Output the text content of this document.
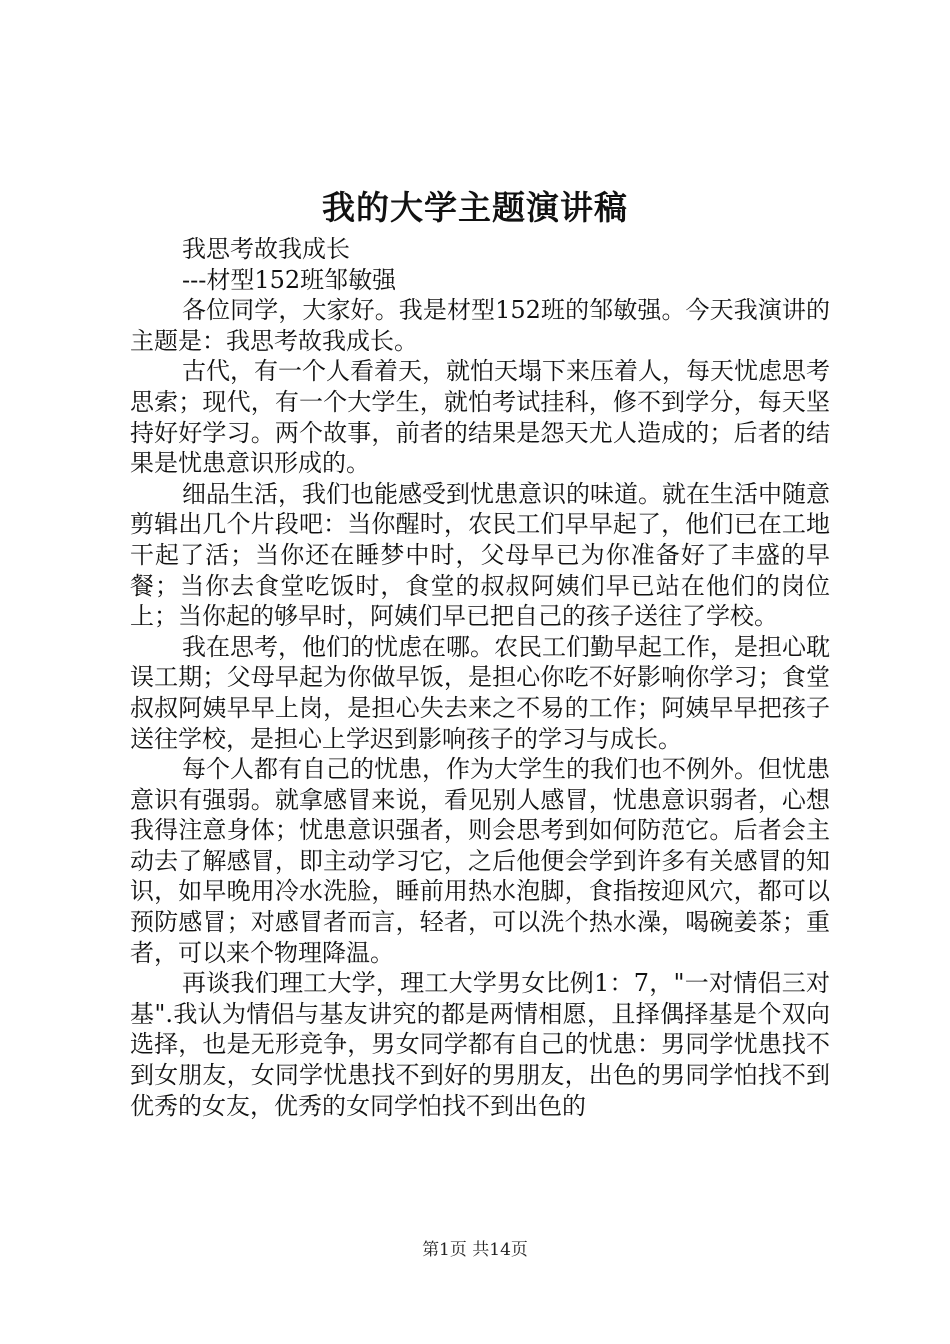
我的大学主题演讲稿

我思考故我成长

---材型152班邹敏强

各位同学，大家好。我是材型152班的邹敏强。今天我演讲的主题是：我思考故我成长。

古代，有一个人看着天，就怕天塌下来压着人，每天忧虑思考思索；现代，有一个大学生，就怕考试挂科，修不到学分，每天坚持好好学习。两个故事，前者的结果是怨天尤人造成的；后者的结果是忧患意识形成的。

细品生活，我们也能感受到忧患意识的味道。就在生活中随意剪辑出几个片段吧：当你醒时，农民工们早早起了，他们已在工地干起了活；当你还在睡梦中时，父母早已为你准备好了丰盛的早餐；当你去食堂吃饭时，食堂的叔叔阿姨们早已站在他们的岗位上；当你起的够早时，阿姨们早已把自己的孩子送往了学校。

我在思考，他们的忧虑在哪。农民工们勤早起工作，是担心耽误工期；父母早起为你做早饭，是担心你吃不好影响你学习；食堂叔叔阿姨早早上岗，是担心失去来之不易的工作；阿姨早早把孩子送往学校，是担心上学迟到影响孩子的学习与成长。

每个人都有自己的忧患，作为大学生的我们也不例外。但忧患意识有强弱。就拿感冒来说，看见别人感冒，忧患意识弱者，心想我得注意身体；忧患意识强者，则会思考到如何防范它。后者会主动去了解感冒，即主动学习它，之后他便会学到许多有关感冒的知识，如早晚用冷水洗脸，睡前用热水泡脚，食指按迎风穴，都可以预防感冒；对感冒者而言，轻者，可以洗个热水澡，喝碗姜茶；重者，可以来个物理降温。

再谈我们理工大学，理工大学男女比例1：7，"一对情侣三对基".我认为情侣与基友讲究的都是两情相愿，且择偶择基是个双向选择，也是无形竞争，男女同学都有自己的忧患：男同学忧患找不到女朋友，女同学忧患找不到好的男朋友，出色的男同学怕找不到优秀的女友，优秀的女同学怕找不到出色的

第1页 共14页
